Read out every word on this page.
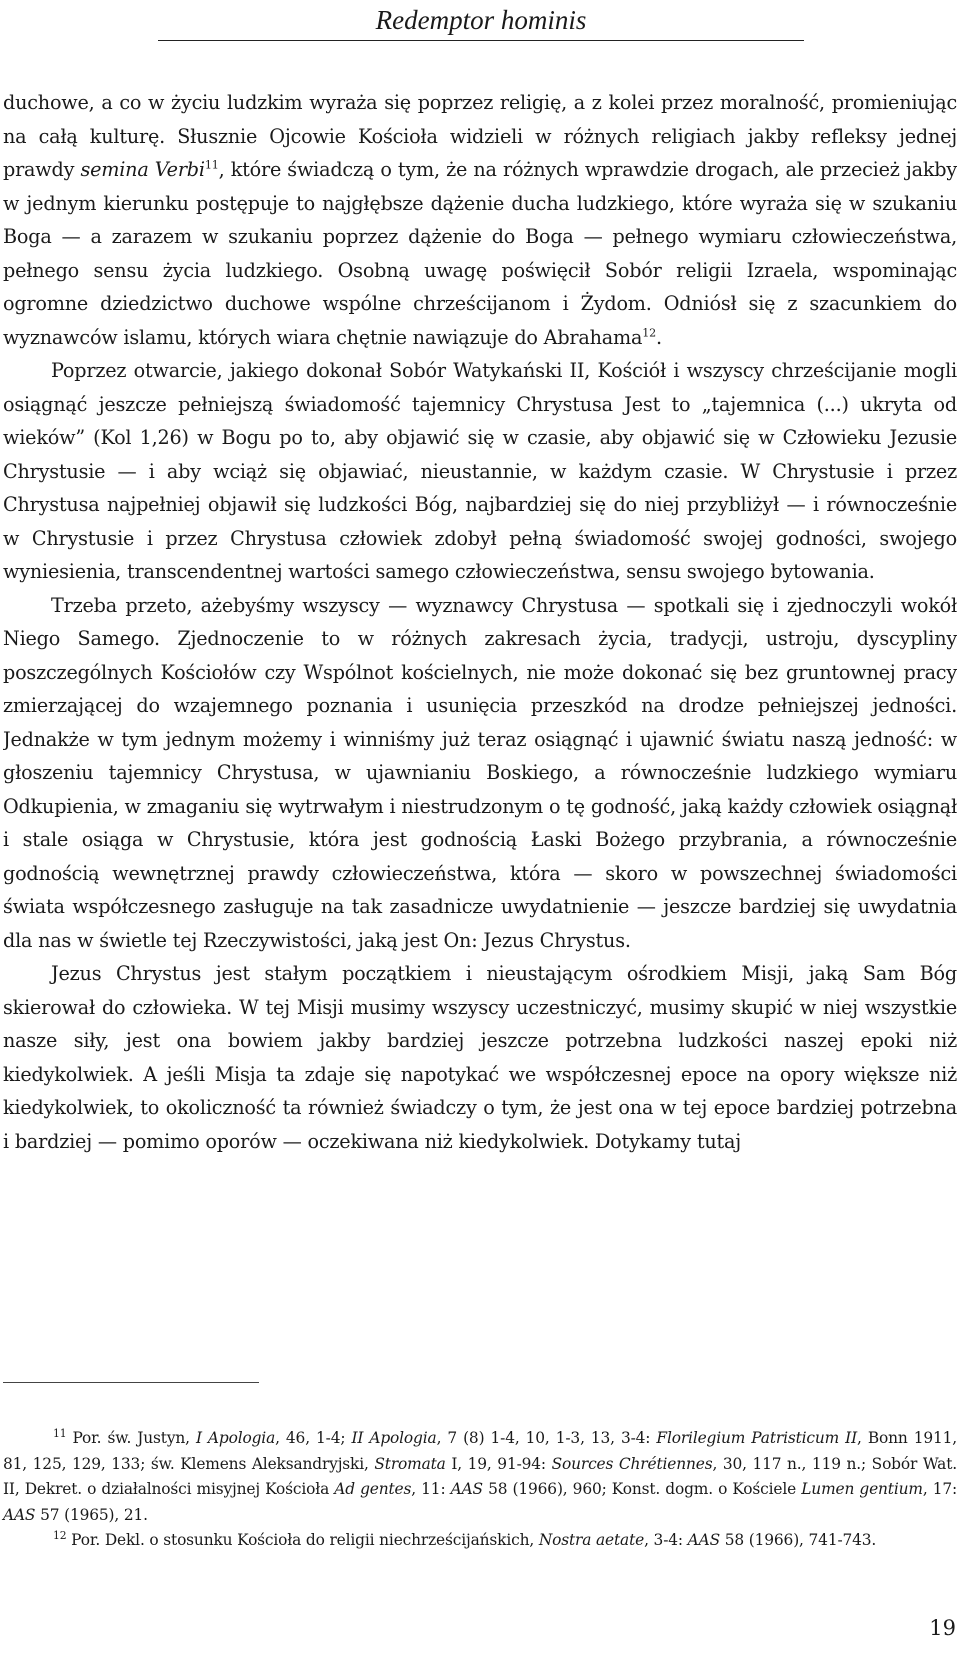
Redemptor hominis

duchowe, a co w życiu ludzkim wyraża się poprzez religię, a z kolei przez moralność, promieniując na całą kulturę. Słusznie Ojcowie Kościoła widzieli w różnych religiach jakby refleksy jednej prawdy semina Verbi$^{11}$, które świadczą o tym, że na różnych wprawdzie drogach, ale przecież jakby w jednym kierunku postępuje to najgłębsze dążenie ducha ludzkiego, które wyraża się w szukaniu Boga — a zarazem w szukaniu poprzez dążenie do Boga — pełnego wymiaru człowieczeństwa, pełnego sensu życia ludzkiego. Osobną uwagę poświęcił Sobór religii Izraela, wspominając ogromne dziedzictwo duchowe wspólne chrześcijanom i Żydom. Odniósł się z szacunkiem do wyznawców islamu, których wiara chętnie nawiązuje do Abrahama$^{12}$.

Poprzez otwarcie, jakiego dokonał Sobór Watykański II, Kościół i wszyscy chrześcijanie mogli osiągnąć jeszcze pełniejszą świadomość tajemnicy Chrystusa Jest to „tajemnica (...) ukryta od wieków” (Kol 1,26) w Bogu po to, aby objawić się w czasie, aby objawić się w Człowieku Jezusie Chrystusie — i aby wciąż się objawiać, nieustannie, w każdym czasie. W Chrystusie i przez Chrystusa najpełniej objawił się ludzkości Bóg, najbardziej się do niej przybliżył — i równocześnie w Chrystusie i przez Chrystusa człowiek zdobył pełną świadomość swojej godności, swojego wyniesienia, transcendentnej wartości samego człowieczeństwa, sensu swojego bytowania.

Trzeba przeto, ażebyśmy wszyscy — wyznawcy Chrystusa — spotkali się i zjednoczyli wokół Niego Samego. Zjednoczenie to w różnych zakresach życia, tradycji, ustroju, dyscypliny poszczególnych Kościołów czy Wspólnot kościelnych, nie może dokonać się bez gruntownej pracy zmierzającej do wzajemnego poznania i usunięcia przeszkód na drodze pełniejszej jedności. Jednakże w tym jednym możemy i winniśmy już teraz osiągnąć i ujawnić światu naszą jedność: w głoszeniu tajemnicy Chrystusa, w ujawnianiu Boskiego, a równocześnie ludzkiego wymiaru Odkupienia, w zmaganiu się wytrwałym i niestrudzonym o tę godność, jaką każdy człowiek osiągnął i stale osiąga w Chrystusie, która jest godnością Łaski Bożego przybrania, a równocześnie godnością wewnętrznej prawdy człowieczeństwa, która — skoro w powszechnej świadomości świata współczesnego zasługuje na tak zasadnicze uwydatnienie — jeszcze bardziej się uwydatnia dla nas w świetle tej Rzeczywistości, jaką jest On: Jezus Chrystus.

Jezus Chrystus jest stałym początkiem i nieustającym ośrodkiem Misji, jaką Sam Bóg skierował do człowieka. W tej Misji musimy wszyscy uczestniczyć, musimy skupić w niej wszystkie nasze siły, jest ona bowiem jakby bardziej jeszcze potrzebna ludzkości naszej epoki niż kiedykolwiek. A jeśli Misja ta zdaje się napotykać we współczesnej epoce na opory większe niż kiedykolwiek, to okoliczność ta również świadczy o tym, że jest ona w tej epoce bardziej potrzebna i bardziej — pomimo oporów — oczekiwana niż kiedykolwiek. Dotykamy tutaj

$^{11}$ Por. św. Justyn, I Apologia, 46, 1-4; II Apologia, 7 (8) 1-4, 10, 1-3, 13, 3-4: Florilegium Patristicum II, Bonn 1911, 81, 125, 129, 133; św. Klemens Aleksandryjski, Stromata I, 19, 91-94: Sources Chrétiennes, 30, 117 n., 119 n.; Sobór Wat. II, Dekret. o działalności misyjnej Kościoła Ad gentes, 11: AAS 58 (1966), 960; Konst. dogm. o Kościele Lumen gentium, 17: AAS 57 (1965), 21.

$^{12}$ Por. Dekl. o stosunku Kościoła do religii niechrześcijańskich, Nostra aetate, 3-4: AAS 58 (1966), 741-743.

19
